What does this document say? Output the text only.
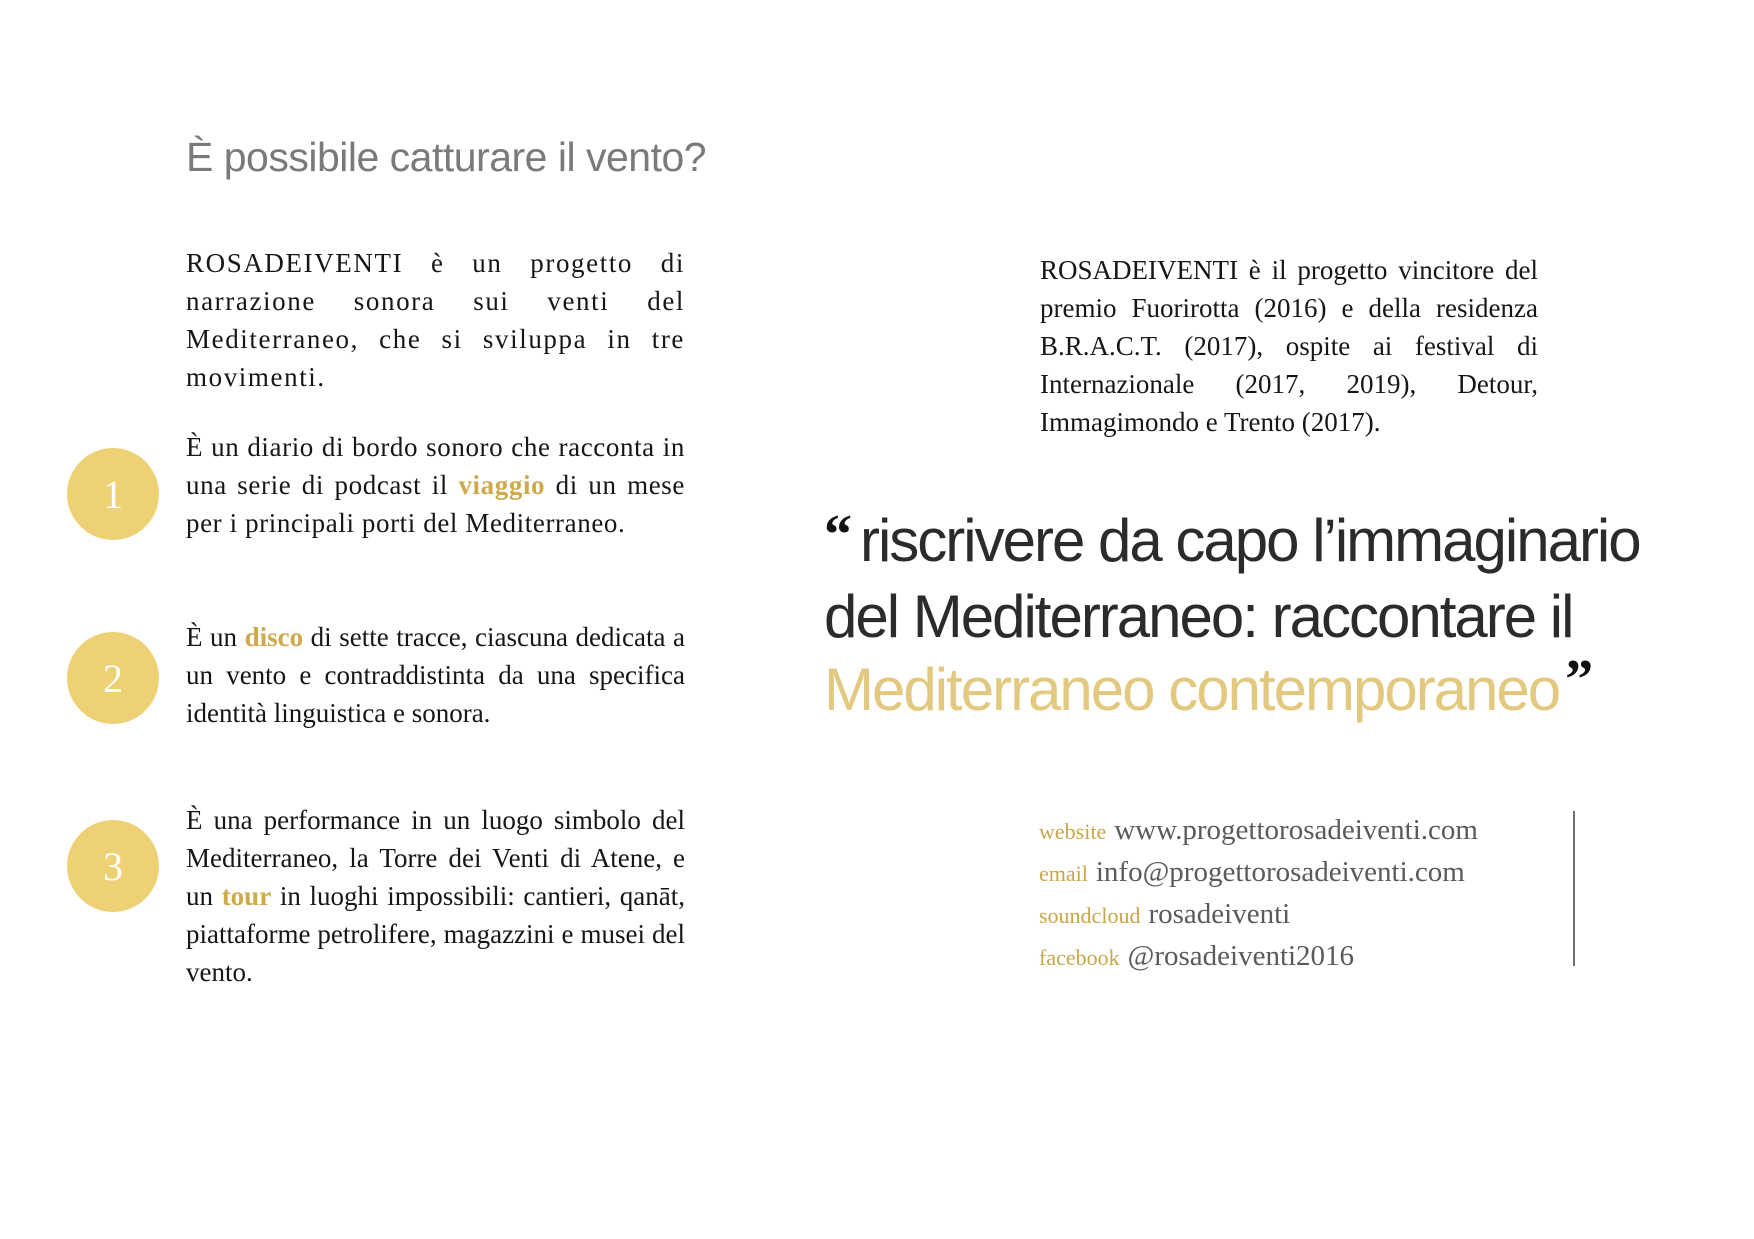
È possibile catturare il vento?

ROSADEIVENTI è un progetto di narrazione sonora sui venti del Mediterraneo, che si sviluppa in tre movimenti.

1

È un diario di bordo sonoro che racconta in una serie di podcast il viaggio di un mese per i principali porti del Mediterraneo.

2

È un disco di sette tracce, ciascuna dedicata a un vento e contraddistinta da una specifica identità linguistica e sonora.

3

È una performance in un luogo simbolo del Mediterraneo, la Torre dei Venti di Atene, e un tour in luoghi impossibili: cantieri, qanāt, piattaforme petrolifere, magazzini e musei del vento.

ROSADEIVENTI è il progetto vincitore del premio Fuorirotta (2016) e della residenza B.R.A.C.T. (2017), ospite ai festival di Internazionale (2017, 2019), Detour, Immagimondo e Trento (2017).

“ riscrivere da capo l’immaginario
del Mediterraneo: raccontare il
Mediterraneo contemporaneo ”

website www.progettorosadeiventi.com
email info@progettorosadeiventi.com
soundcloud rosadeiventi
facebook @rosadeiventi2016
